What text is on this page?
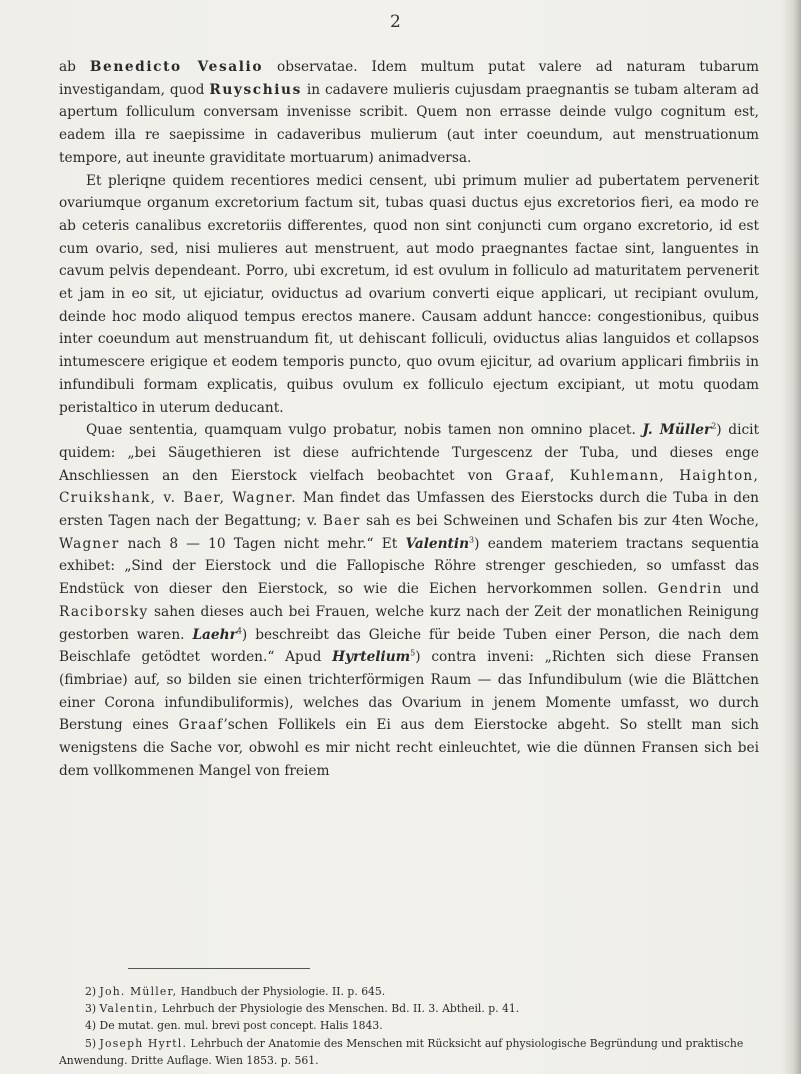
2

ab Benedicto Vesalio observatae. Idem multum putat valere ad naturam tubarum investigandam, quod Ruyschius in cadavere mulieris cujusdam praegnantis se tubam alteram ad apertum folliculum conversam invenisse scribit. Quem non errasse deinde vulgo cognitum est, eadem illa re saepissime in cadaveribus mulierum (aut inter coeundum, aut menstruationum tempore, aut ineunte graviditate mortuarum) animadversa.

Et pleriqne quidem recentiores medici censent, ubi primum mulier ad pubertatem pervenerit ovariumque organum excretorium factum sit, tubas quasi ductus ejus excretorios fieri, ea modo re ab ceteris canalibus excretoriis differentes, quod non sint conjuncti cum organo excretorio, id est cum ovario, sed, nisi mulieres aut menstruent, aut modo praegnantes factae sint, languentes in cavum pelvis dependeant. Porro, ubi excretum, id est ovulum in folliculo ad maturitatem pervenerit et jam in eo sit, ut ejiciatur, oviductus ad ovarium converti eique applicari, ut recipiant ovulum, deinde hoc modo aliquod tempus erectos manere. Causam addunt hancce: congestionibus, quibus inter coeundum aut menstruandum fit, ut dehiscant folliculi, oviductus alias languidos et collapsos intumescere erigique et eodem temporis puncto, quo ovum ejicitur, ad ovarium applicari fimbriis in infundibuli formam explicatis, quibus ovulum ex folliculo ejectum excipiant, ut motu quodam peristaltico in uterum deducant.

Quae sententia, quamquam vulgo probatur, nobis tamen non omnino placet. J. Müller$^2$) dicit quidem: „bei Säugethieren ist diese aufrichtende Turgescenz der Tuba, und dieses enge Anschliessen an den Eierstock vielfach beobachtet von Graaf, Kuhlemann, Haighton, Cruikshank, v. Baer, Wagner. Man findet das Umfassen des Eierstocks durch die Tuba in den ersten Tagen nach der Begattung; v. Baer sah es bei Schweinen und Schafen bis zur 4ten Woche, Wagner nach 8 — 10 Tagen nicht mehr.“ Et Valentin$^3$) eandem materiem tractans sequentia exhibet: „Sind der Eierstock und die Fallopische Röhre strenger geschieden, so umfasst das Endstück von dieser den Eierstock, so wie die Eichen hervorkommen sollen. Gendrin und Raciborsky sahen dieses auch bei Frauen, welche kurz nach der Zeit der monatlichen Reinigung gestorben waren. Laehr$^4$) beschreibt das Gleiche für beide Tuben einer Person, die nach dem Beischlafe getödtet worden.“ Apud Hyrtelium$^5$) contra inveni: „Richten sich diese Fransen (fimbriae) auf, so bilden sie einen trichterförmigen Raum — das Infundibulum (wie die Blättchen einer Corona infundibuliformis), welches das Ovarium in jenem Momente umfasst, wo durch Berstung eines Graaf’schen Follikels ein Ei aus dem Eierstocke abgeht. So stellt man sich wenigstens die Sache vor, obwohl es mir nicht recht einleuchtet, wie die dünnen Fransen sich bei dem vollkommenen Mangel von freiem

2) Joh. Müller, Handbuch der Physiologie. II. p. 645.

3) Valentin, Lehrbuch der Physiologie des Menschen. Bd. II. 3. Abtheil. p. 41.

4) De mutat. gen. mul. brevi post concept. Halis 1843.

5) Joseph Hyrtl. Lehrbuch der Anatomie des Menschen mit Rücksicht auf physiologische Begründung und praktische Anwendung. Dritte Auflage. Wien 1853. p. 561.
